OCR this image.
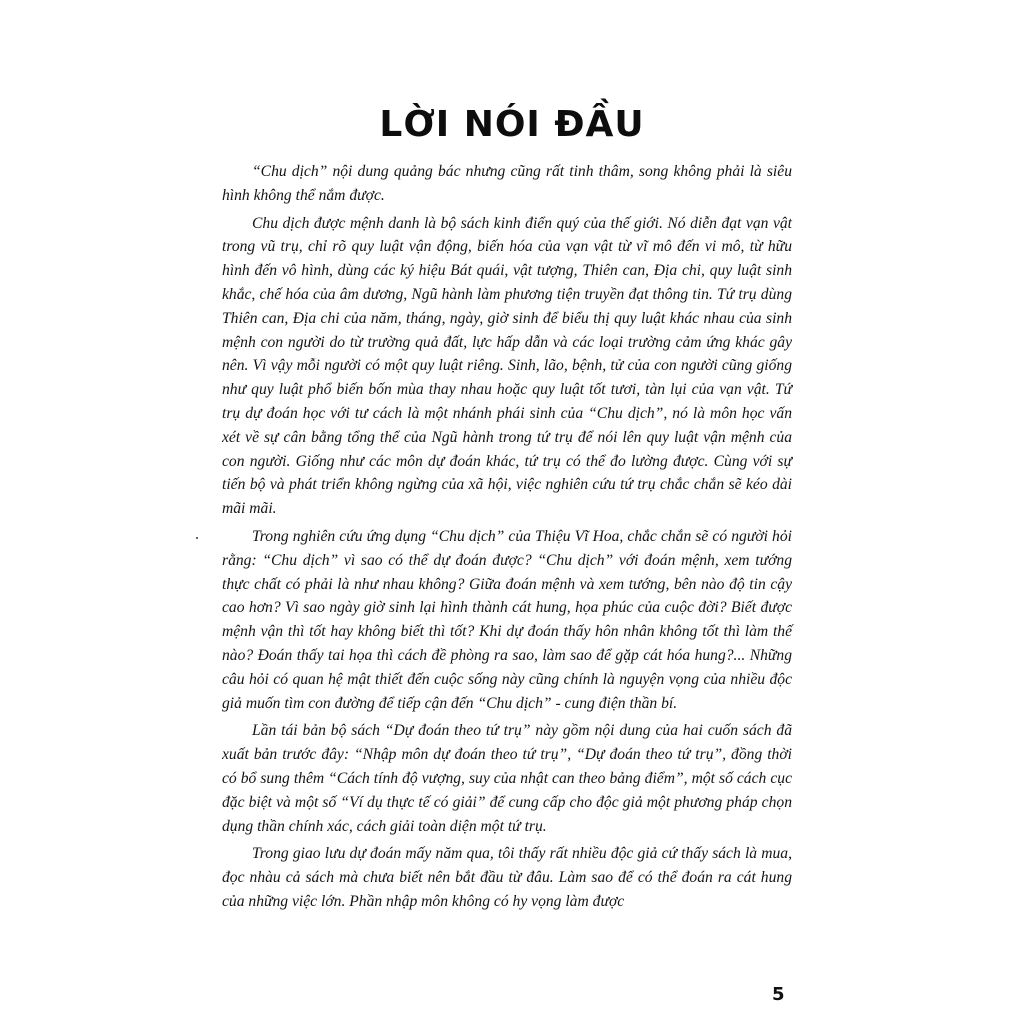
LỜI NÓI ĐẦU

“Chu dịch” nội dung quảng bác nhưng cũng rất tinh thâm, song không phải là siêu hình không thể nắm được.

Chu dịch được mệnh danh là bộ sách kinh điển quý của thế giới. Nó diễn đạt vạn vật trong vũ trụ, chỉ rõ quy luật vận động, biến hóa của vạn vật từ vĩ mô đến vi mô, từ hữu hình đến vô hình, dùng các ký hiệu Bát quái, vật tượng, Thiên can, Địa chi, quy luật sinh khắc, chế hóa của âm dương, Ngũ hành làm phương tiện truyền đạt thông tin. Tứ trụ dùng Thiên can, Địa chi của năm, tháng, ngày, giờ sinh để biểu thị quy luật khác nhau của sinh mệnh con người do từ trường quả đất, lực hấp dẫn và các loại trường cảm ứng khác gây nên. Vì vậy mỗi người có một quy luật riêng. Sinh, lão, bệnh, tử của con người cũng giống như quy luật phổ biến bốn mùa thay nhau hoặc quy luật tốt tươi, tàn lụi của vạn vật. Tứ trụ dự đoán học với tư cách là một nhánh phái sinh của “Chu dịch”, nó là môn học vấn xét về sự cân bằng tổng thể của Ngũ hành trong tứ trụ để nói lên quy luật vận mệnh của con người. Giống như các môn dự đoán khác, tứ trụ có thể đo lường được. Cùng với sự tiến bộ và phát triển không ngừng của xã hội, việc nghiên cứu tứ trụ chắc chắn sẽ kéo dài mãi mãi.

Trong nghiên cứu ứng dụng “Chu dịch” của Thiệu Vĩ Hoa, chắc chắn sẽ có người hỏi rằng: “Chu dịch” vì sao có thể dự đoán được? “Chu dịch” với đoán mệnh, xem tướng thực chất có phải là như nhau không? Giữa đoán mệnh và xem tướng, bên nào độ tin cậy cao hơn? Vì sao ngày giờ sinh lại hình thành cát hung, họa phúc của cuộc đời? Biết được mệnh vận thì tốt hay không biết thì tốt? Khi dự đoán thấy hôn nhân không tốt thì làm thế nào? Đoán thấy tai họa thì cách đề phòng ra sao, làm sao để gặp cát hóa hung?... Những câu hỏi có quan hệ mật thiết đến cuộc sống này cũng chính là nguyện vọng của nhiều độc giả muốn tìm con đường để tiếp cận đến “Chu dịch” - cung điện thần bí.

Lần tái bản bộ sách “Dự đoán theo tứ trụ” này gồm nội dung của hai cuốn sách đã xuất bản trước đây: “Nhập môn dự đoán theo tứ trụ”, “Dự đoán theo tứ trụ”, đồng thời có bổ sung thêm “Cách tính độ vượng, suy của nhật can theo bảng điểm”, một số cách cục đặc biệt và một số “Ví dụ thực tế có giải” để cung cấp cho độc giả một phương pháp chọn dụng thần chính xác, cách giải toàn diện một tứ trụ.

Trong giao lưu dự đoán mấy năm qua, tôi thấy rất nhiều độc giả cứ thấy sách là mua, đọc nhàu cả sách mà chưa biết nên bắt đầu từ đâu. Làm sao để có thể đoán ra cát hung của những việc lớn. Phần nhập môn không có hy vọng làm được

5
